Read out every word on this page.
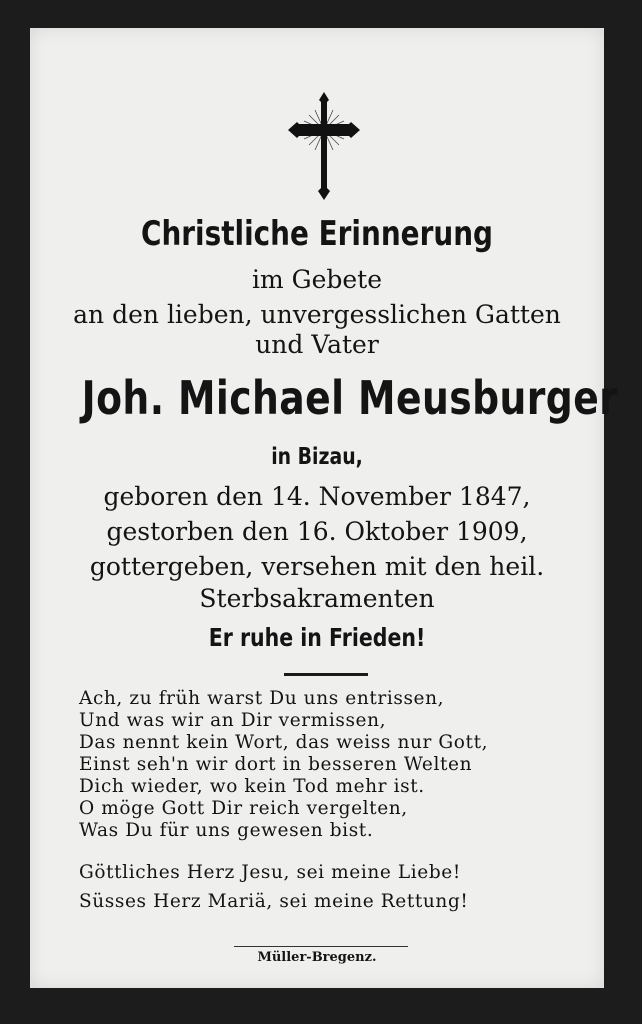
Christliche Erinnerung
im Gebete
an den lieben, unvergesslichen Gatten
und Vater
Joh. Michael Meusburger
in Bizau,
geboren den 14. November 1847,
gestorben den 16. Oktober 1909,
gottergeben, versehen mit den heil.
Sterbsakramenten
Er ruhe in Frieden!
Ach, zu früh warst Du uns entrissen,
Und was wir an Dir vermissen,
Das nennt kein Wort, das weiss nur Gott,
Einst seh'n wir dort in besseren Welten
Dich wieder, wo kein Tod mehr ist.
O möge Gott Dir reich vergelten,
Was Du für uns gewesen bist.
Göttliches Herz Jesu, sei meine Liebe!
Süsses Herz Mariä, sei meine Rettung!
Müller-Bregenz.
